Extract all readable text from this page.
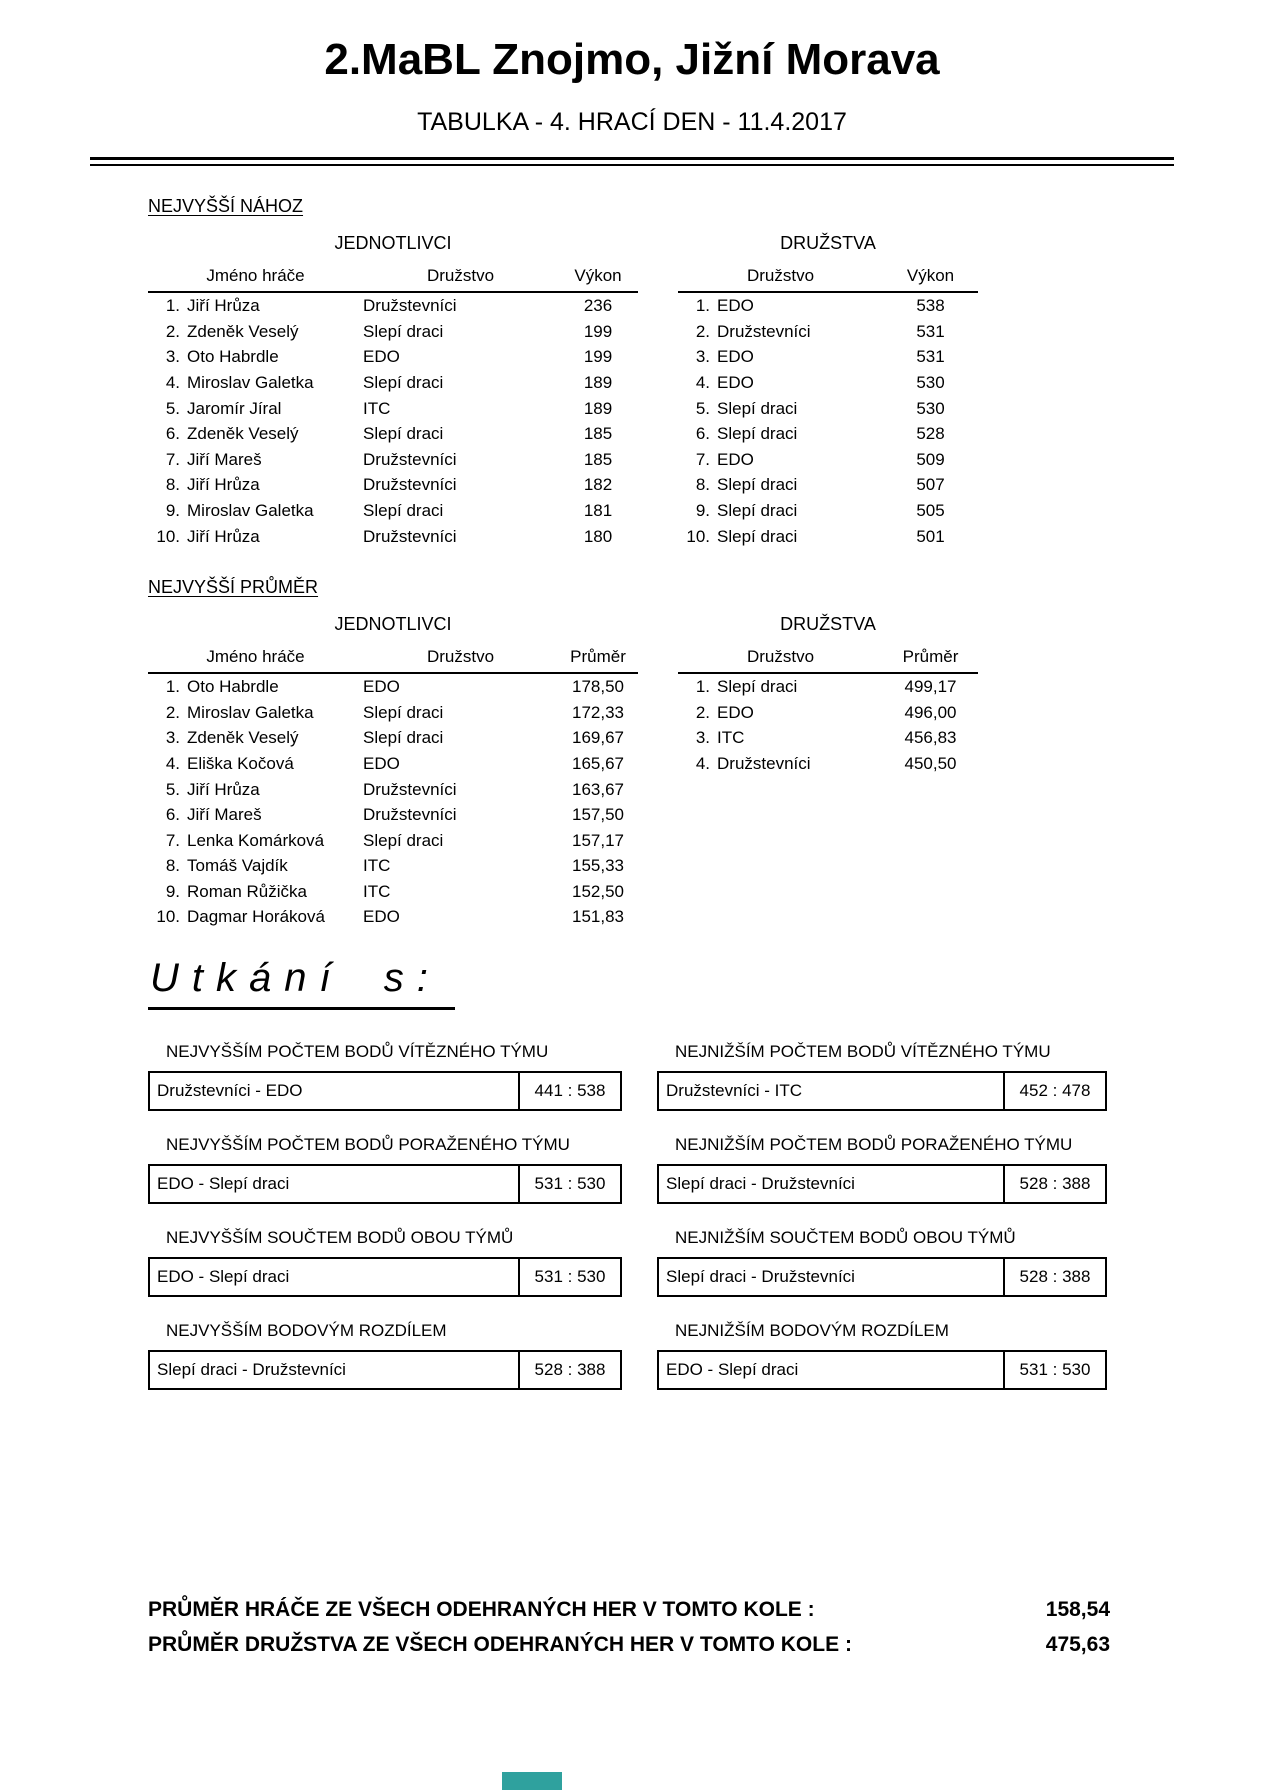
2.MaBL Znojmo, Jižní Morava
TABULKA - 4. HRACÍ DEN - 11.4.2017
NEJVYŠŠÍ NÁHOZ
JEDNOTLIVCI
Jméno hráče	Družstvo	Výkon
1. Jiří Hrůza	Družstevníci	236
2. Zdeněk Veselý	Slepí draci	199
3. Oto Habrdle	EDO	199
4. Miroslav Galetka	Slepí draci	189
5. Jaromír Jíral	ITC	189
6. Zdeněk Veselý	Slepí draci	185
7. Jiří Mareš	Družstevníci	185
8. Jiří Hrůza	Družstevníci	182
9. Miroslav Galetka	Slepí draci	181
10. Jiří Hrůza	Družstevníci	180
DRUŽSTVA
Družstvo	Výkon
1. EDO	538
2. Družstevníci	531
3. EDO	531
4. EDO	530
5. Slepí draci	530
6. Slepí draci	528
7. EDO	509
8. Slepí draci	507
9. Slepí draci	505
10. Slepí draci	501
NEJVYŠŠÍ PRŮMĚR
JEDNOTLIVCI
Jméno hráče	Družstvo	Průměr
1. Oto Habrdle	EDO	178,50
2. Miroslav Galetka	Slepí draci	172,33
3. Zdeněk Veselý	Slepí draci	169,67
4. Eliška Kočová	EDO	165,67
5. Jiří Hrůza	Družstevníci	163,67
6. Jiří Mareš	Družstevníci	157,50
7. Lenka Komárková	Slepí draci	157,17
8. Tomáš Vajdík	ITC	155,33
9. Roman Růžička	ITC	152,50
10. Dagmar Horáková	EDO	151,83
DRUŽSTVA
Družstvo	Průměr
1. Slepí draci	499,17
2. EDO	496,00
3. ITC	456,83
4. Družstevníci	450,50
Utkání s:
NEJVYŠŠÍM POČTEM BODŮ VÍTĚZNÉHO TÝMU
Družstevníci - EDO	441 : 538
NEJNIŽŠÍM POČTEM BODŮ VÍTĚZNÉHO TÝMU
Družstevníci - ITC	452 : 478
NEJVYŠŠÍM POČTEM BODŮ PORAŽENÉHO TÝMU
EDO - Slepí draci	531 : 530
NEJNIŽŠÍM POČTEM BODŮ PORAŽENÉHO TÝMU
Slepí draci - Družstevníci	528 : 388
NEJVYŠŠÍM SOUČTEM BODŮ OBOU TÝMŮ
EDO - Slepí draci	531 : 530
NEJNIŽŠÍM SOUČTEM BODŮ OBOU TÝMŮ
Slepí draci - Družstevníci	528 : 388
NEJVYŠŠÍM BODOVÝM ROZDÍLEM
Slepí draci - Družstevníci	528 : 388
NEJNIŽŠÍM BODOVÝM ROZDÍLEM
EDO - Slepí draci	531 : 530
PRŮMĚR HRÁČE ZE VŠECH ODEHRANÝCH HER V TOMTO KOLE :	158,54
PRŮMĚR DRUŽSTVA ZE VŠECH ODEHRANÝCH HER V TOMTO KOLE :	475,63
